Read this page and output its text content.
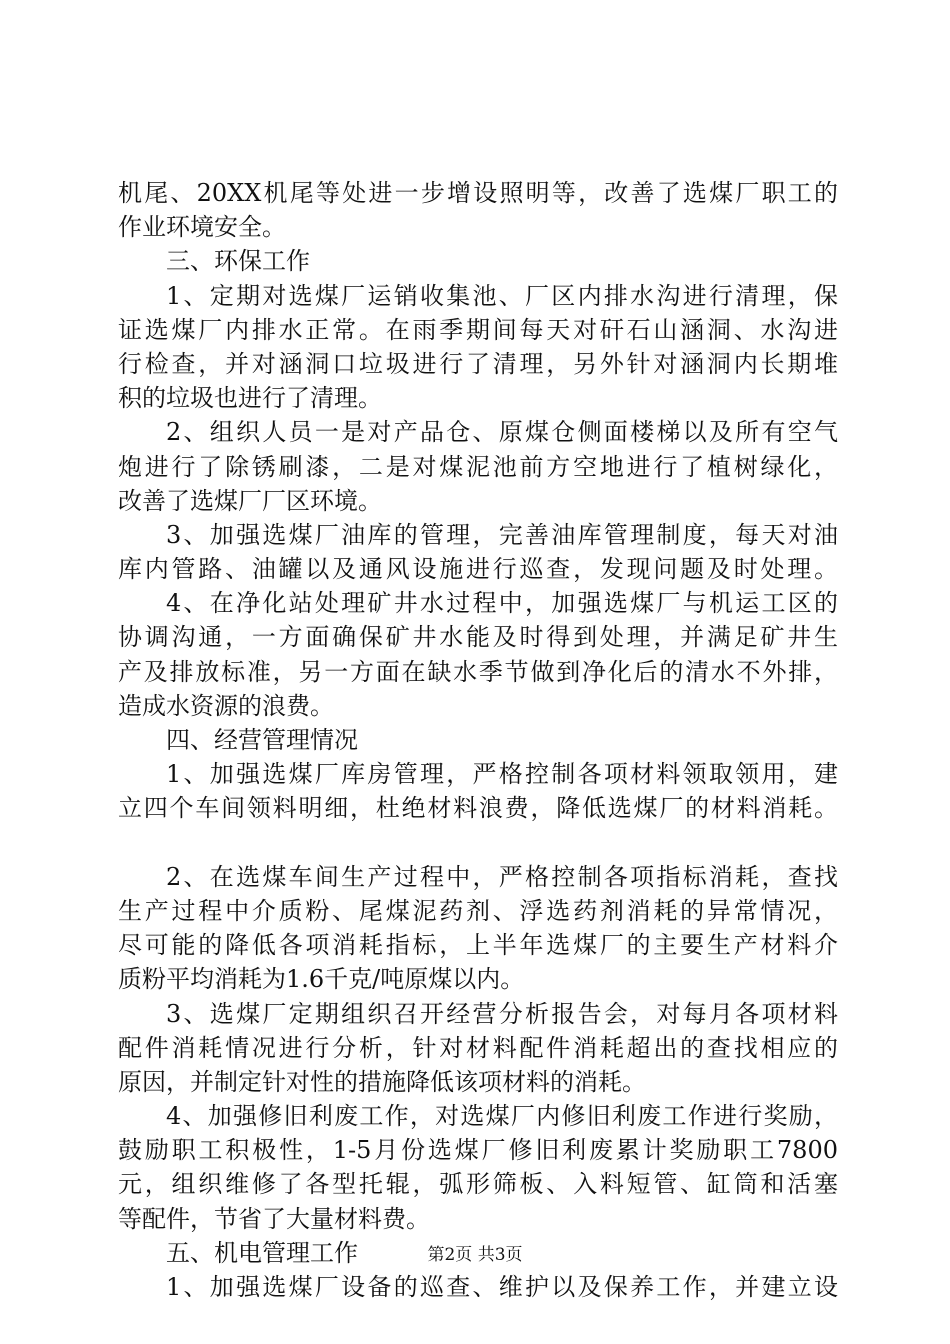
机尾、20XX机尾等处进一步增设照明等，改善了选煤厂职工的
作业环境安全。
三、环保工作
1、定期对选煤厂运销收集池、厂区内排水沟进行清理，保
证选煤厂内排水正常。在雨季期间每天对矸石山涵洞、水沟进
行检查，并对涵洞口垃圾进行了清理，另外针对涵洞内长期堆
积的垃圾也进行了清理。
2、组织人员一是对产品仓、原煤仓侧面楼梯以及所有空气
炮进行了除锈刷漆，二是对煤泥池前方空地进行了植树绿化，
改善了选煤厂厂区环境。
3、加强选煤厂油库的管理，完善油库管理制度，每天对油
库内管路、油罐以及通风设施进行巡查，发现问题及时处理。
4、在净化站处理矿井水过程中，加强选煤厂与机运工区的
协调沟通，一方面确保矿井水能及时得到处理，并满足矿井生
产及排放标准，另一方面在缺水季节做到净化后的清水不外排，
造成水资源的浪费。
四、经营管理情况
1、加强选煤厂库房管理，严格控制各项材料领取领用，建
立四个车间领料明细，杜绝材料浪费，降低选煤厂的材料消耗。
2、在选煤车间生产过程中，严格控制各项指标消耗，查找
生产过程中介质粉、尾煤泥药剂、浮选药剂消耗的异常情况，
尽可能的降低各项消耗指标，上半年选煤厂的主要生产材料介
质粉平均消耗为1.6千克/吨原煤以内。
3、选煤厂定期组织召开经营分析报告会，对每月各项材料
配件消耗情况进行分析，针对材料配件消耗超出的查找相应的
原因，并制定针对性的措施降低该项材料的消耗。
4、加强修旧利废工作，对选煤厂内修旧利废工作进行奖励，
鼓励职工积极性，1-5月份选煤厂修旧利废累计奖励职工7800
元，组织维修了各型托辊，弧形筛板、入料短管、缸筒和活塞
等配件，节省了大量材料费。
五、机电管理工作
1、加强选煤厂设备的巡查、维护以及保养工作，并建立设
第2页 共3页
